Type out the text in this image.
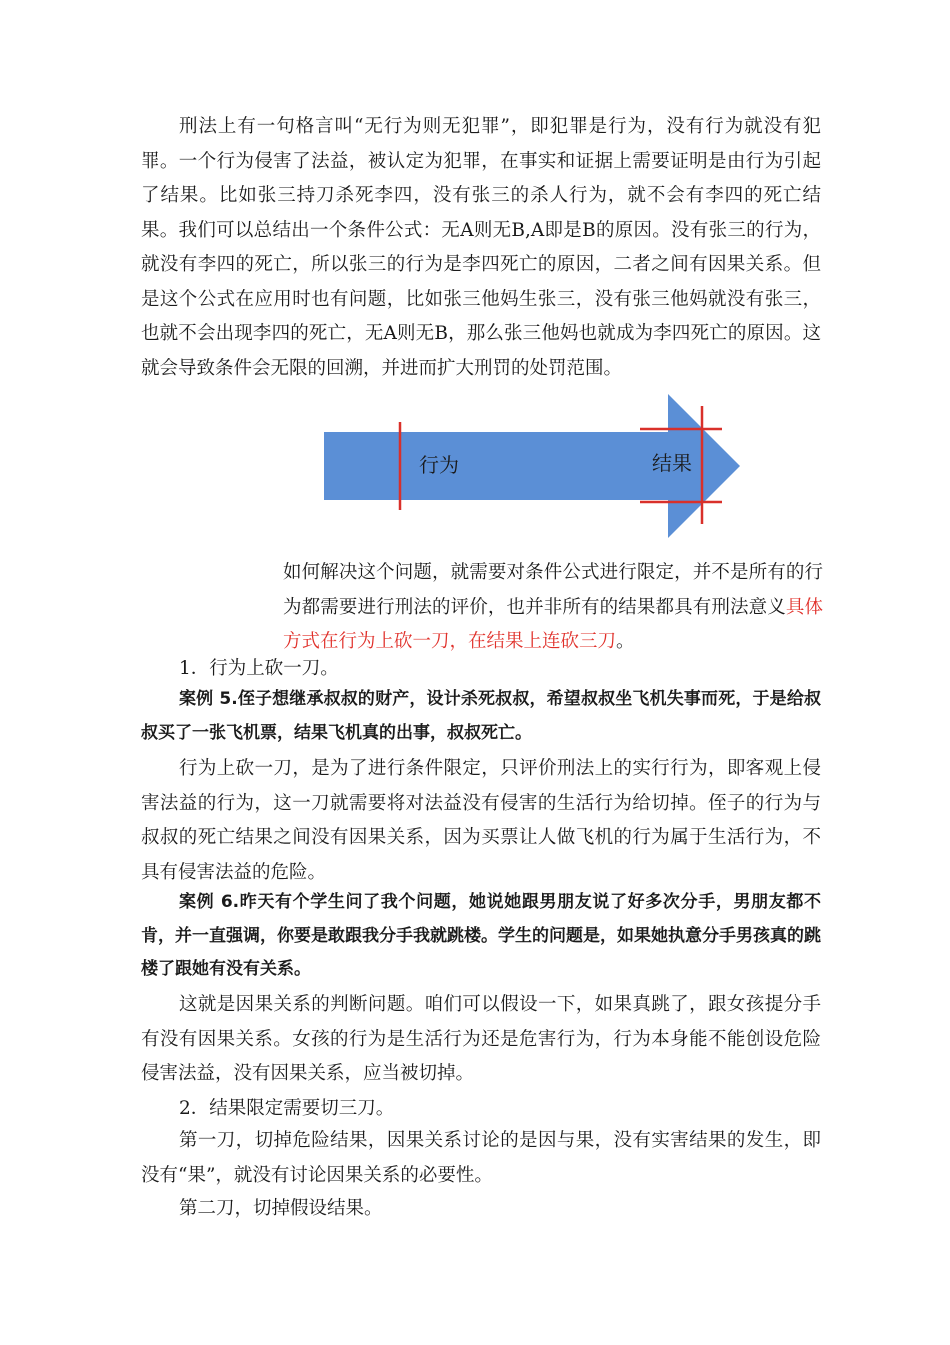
刑法上有一句格言叫“无行为则无犯罪”，即犯罪是行为，没有行为就没有犯罪。一个行为侵害了法益，被认定为犯罪，在事实和证据上需要证明是由行为引起了结果。比如张三持刀杀死李四，没有张三的杀人行为，就不会有李四的死亡结果。我们可以总结出一个条件公式：无A则无B,A即是B的原因。没有张三的行为，就没有李四的死亡，所以张三的行为是李四死亡的原因，二者之间有因果关系。但是这个公式在应用时也有问题，比如张三他妈生张三，没有张三他妈就没有张三，也就不会出现李四的死亡，无A则无B，那么张三他妈也就成为李四死亡的原因。这就会导致条件会无限的回溯，并进而扩大刑罚的处罚范围。

行为	结果

如何解决这个问题，就需要对条件公式进行限定，并不是所有的行为都需要进行刑法的评价，也并非所有的结果都具有刑法意义具体方式在行为上砍一刀，在结果上连砍三刀。

1．行为上砍一刀。

案例 5.侄子想继承叔叔的财产，设计杀死叔叔，希望叔叔坐飞机失事而死，于是给叔叔买了一张飞机票，结果飞机真的出事，叔叔死亡。

行为上砍一刀，是为了进行条件限定，只评价刑法上的实行行为，即客观上侵害法益的行为，这一刀就需要将对法益没有侵害的生活行为给切掉。侄子的行为与叔叔的死亡结果之间没有因果关系，因为买票让人做飞机的行为属于生活行为，不具有侵害法益的危险。

案例 6.昨天有个学生问了我个问题，她说她跟男朋友说了好多次分手，男朋友都不肯，并一直强调，你要是敢跟我分手我就跳楼。学生的问题是，如果她执意分手男孩真的跳楼了跟她有没有关系。

这就是因果关系的判断问题。咱们可以假设一下，如果真跳了，跟女孩提分手有没有因果关系。女孩的行为是生活行为还是危害行为，行为本身能不能创设危险侵害法益，没有因果关系，应当被切掉。

2．结果限定需要切三刀。

第一刀，切掉危险结果，因果关系讨论的是因与果，没有实害结果的发生，即没有“果”，就没有讨论因果关系的必要性。

第二刀，切掉假设结果。
